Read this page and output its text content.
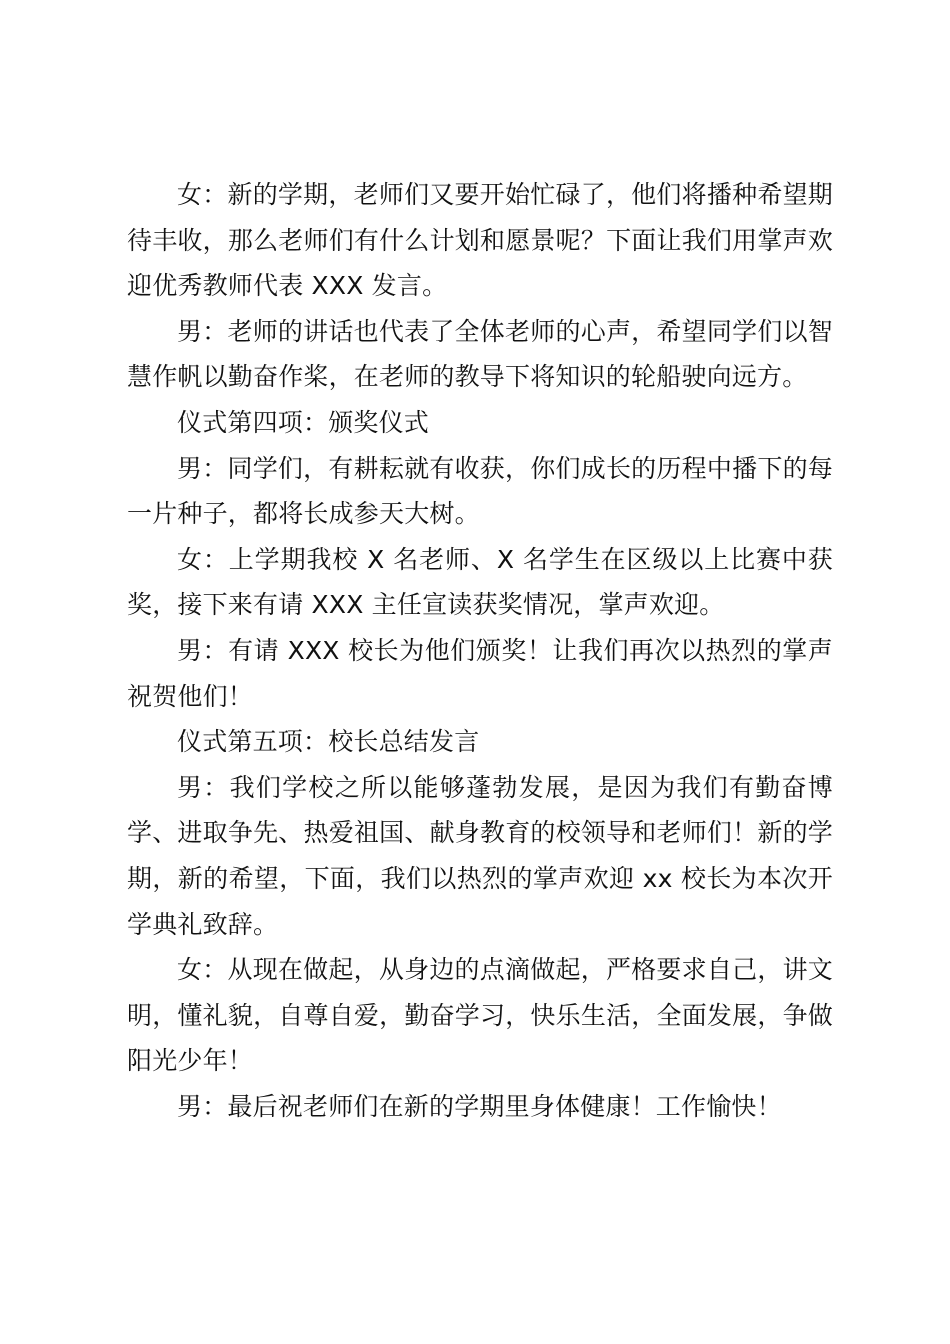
女：新的学期，老师们又要开始忙碌了，他们将播种希望期待丰收，那么老师们有什么计划和愿景呢？下面让我们用掌声欢迎优秀教师代表 XXX 发言。

男：老师的讲话也代表了全体老师的心声，希望同学们以智慧作帆以勤奋作桨，在老师的教导下将知识的轮船驶向远方。

仪式第四项：颁奖仪式

男：同学们，有耕耘就有收获，你们成长的历程中播下的每一片种子，都将长成参天大树。

女：上学期我校 X 名老师、X 名学生在区级以上比赛中获奖，接下来有请 XXX 主任宣读获奖情况，掌声欢迎。

男：有请 XXX 校长为他们颁奖！让我们再次以热烈的掌声祝贺他们！

仪式第五项：校长总结发言

男：我们学校之所以能够蓬勃发展，是因为我们有勤奋博学、进取争先、热爱祖国、献身教育的校领导和老师们！新的学期，新的希望，下面，我们以热烈的掌声欢迎 xx 校长为本次开学典礼致辞。

女：从现在做起，从身边的点滴做起，严格要求自己，讲文明，懂礼貌，自尊自爱，勤奋学习，快乐生活，全面发展，争做阳光少年！

男：最后祝老师们在新的学期里身体健康！工作愉快！
